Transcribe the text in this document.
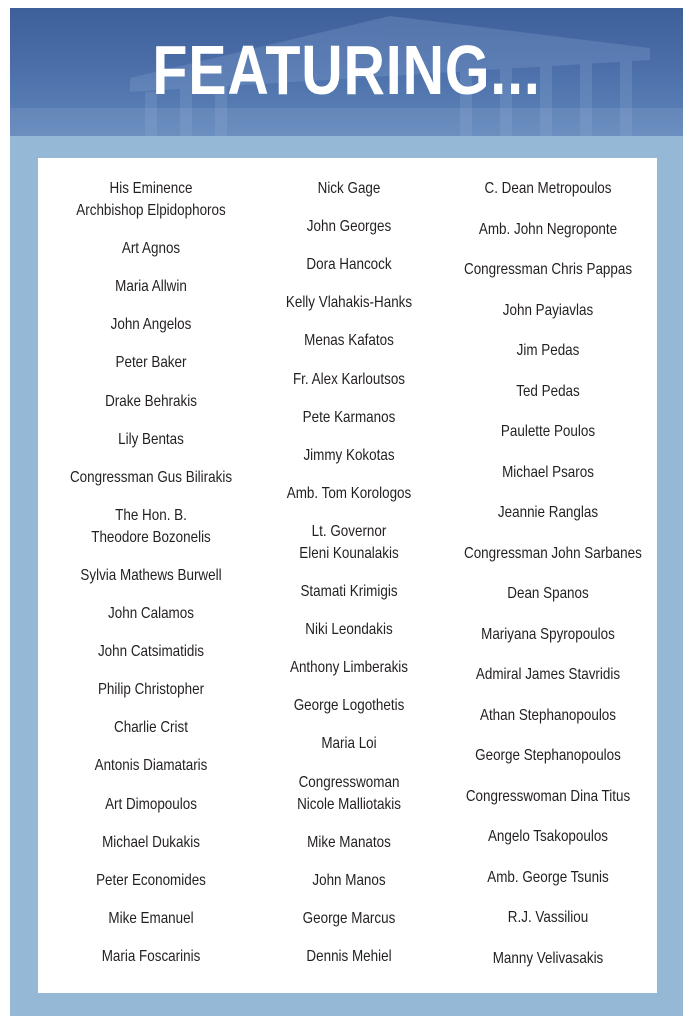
FEATURING...
His Eminence
Archbishop Elpidophoros
Art Agnos
Maria Allwin
John Angelos
Peter Baker
Drake Behrakis
Lily Bentas
Congressman Gus Bilirakis
The Hon. B.
Theodore Bozonelis
Sylvia Mathews Burwell
John Calamos
John Catsimatidis
Philip Christopher
Charlie Crist
Antonis Diamataris
Art Dimopoulos
Michael Dukakis
Peter Economides
Mike Emanuel
Maria Foscarinis
Nick Gage
John Georges
Dora Hancock
Kelly Vlahakis-Hanks
Menas Kafatos
Fr. Alex Karloutsos
Pete Karmanos
Jimmy Kokotas
Amb. Tom Korologos
Lt. Governor
Eleni Kounalakis
Stamati Krimigis
Niki Leondakis
Anthony Limberakis
George Logothetis
Maria Loi
Congresswoman
Nicole Malliotakis
Mike Manatos
John Manos
George Marcus
Dennis Mehiel
C. Dean Metropoulos
Amb. John Negroponte
Congressman Chris Pappas
John Payiavlas
Jim Pedas
Ted Pedas
Paulette Poulos
Michael Psaros
Jeannie Ranglas
Congressman John Sarbanes
Dean Spanos
Mariyana Spyropoulos
Admiral James Stavridis
Athan Stephanopoulos
George Stephanopoulos
Congresswoman Dina Titus
Angelo Tsakopoulos
Amb. George Tsunis
R.J. Vassiliou
Manny Velivasakis
